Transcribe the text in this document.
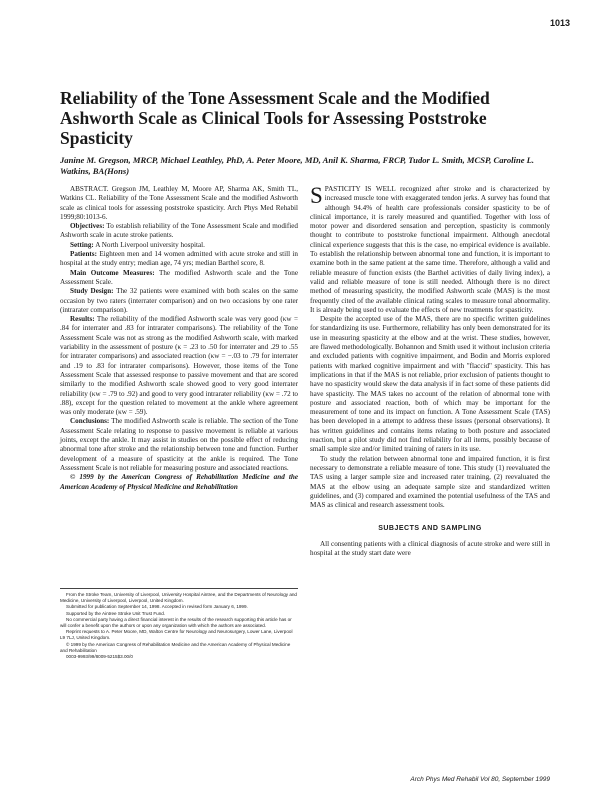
1013
Reliability of the Tone Assessment Scale and the Modified Ashworth Scale as Clinical Tools for Assessing Poststroke Spasticity
Janine M. Gregson, MRCP, Michael Leathley, PhD, A. Peter Moore, MD, Anil K. Sharma, FRCP, Tudor L. Smith, MCSP, Caroline L. Watkins, BA(Hons)

ABSTRACT. Gregson JM, Leathley M, Moore AP, Sharma AK, Smith TL, Watkins CL. Reliability of the Tone Assessment Scale and the modified Ashworth scale as clinical tools for assessing poststroke spasticity. Arch Phys Med Rehabil 1999;80:1013-6.

Objectives: To establish reliability of the Tone Assessment Scale and modified Ashworth scale in acute stroke patients.

Setting: A North Liverpool university hospital.

Patients: Eighteen men and 14 women admitted with acute stroke and still in hospital at the study entry; median age, 74 yrs; median Barthel score, 8.

Main Outcome Measures: The modified Ashworth scale and the Tone Assessment Scale.

Study Design: The 32 patients were examined with both scales on the same occasion by two raters (interrater comparison) and on two occasions by one rater (intrarater comparison).

Results: The reliability of the modified Ashworth scale was very good (κw = .84 for interrater and .83 for intrarater comparisons). The reliability of the Tone Assessment Scale was not as strong as the modified Ashworth scale, with marked variability in the assessment of posture (κ = .23 to .50 for interrater and .29 to .55 for intrarater comparisons) and associated reaction (κw = −.03 to .79 for interrater and .19 to .83 for intrarater comparisons). However, those items of the Tone Assessment Scale that assessed response to passive movement and that are scored similarly to the modified Ashworth scale showed good to very good interrater reliability (κw = .79 to .92) and good to very good intrarater reliability (κw = .72 to .88), except for the question related to movement at the ankle where agreement was only moderate (κw = .59).

Conclusions: The modified Ashworth scale is reliable. The section of the Tone Assessment Scale relating to response to passive movement is reliable at various joints, except the ankle. It may assist in studies on the possible effect of reducing abnormal tone after stroke and the relationship between tone and function. Further development of a measure of spasticity at the ankle is required. The Tone Assessment Scale is not reliable for measuring posture and associated reactions.

© 1999 by the American Congress of Rehabilitation Medicine and the American Academy of Physical Medicine and Rehabilitation

From the Stroke Team, University of Liverpool, University Hospital Aintree, and the Departments of Neurology and Medicine, University of Liverpool, Liverpool, United Kingdom.

Submitted for publication September 14, 1998. Accepted in revised form January 6, 1999.

Supported by the Aintree Stroke Unit Trust Fund.

No commercial party having a direct financial interest in the results of the research supporting this article has or will confer a benefit upon the authors or upon any organization with which the authors are associated.

Reprint requests to A. Peter Moore, MD, Walton Centre for Neurology and Neurosurgery, Lower Lane, Liverpool L9 7LJ, United Kingdom.

© 1999 by the American Congress of Rehabilitation Medicine and the American Academy of Physical Medicine and Rehabilitation

0003-9993/99/8009-5215$3.00/0

SPASTICITY IS WELL recognized after stroke and is characterized by increased muscle tone with exaggerated tendon jerks. A survey has found that although 94.4% of health care professionals consider spasticity to be of clinical importance, it is rarely measured and quantified. Together with loss of motor power and disordered sensation and perception, spasticity is commonly thought to contribute to poststroke functional impairment. Although anecdotal clinical experience suggests that this is the case, no empirical evidence is available. To establish the relationship between abnormal tone and function, it is important to examine both in the same patient at the same time. Therefore, although a valid and reliable measure of function exists (the Barthel activities of daily living index), a valid and reliable measure of tone is still needed. Although there is no direct method of measuring spasticity, the modified Ashworth scale (MAS) is the most frequently cited of the available clinical rating scales to measure tonal abnormality. It is already being used to evaluate the effects of new treatments for spasticity.

Despite the accepted use of the MAS, there are no specific written guidelines for standardizing its use. Furthermore, reliability has only been demonstrated for its use in measuring spasticity at the elbow and at the wrist. These studies, however, are flawed methodologically. Bohannon and Smith used it without inclusion criteria and excluded patients with cognitive impairment, and Bodin and Morris explored patients with marked cognitive impairment and with "flaccid" spasticity. This has implications in that if the MAS is not reliable, prior exclusion of patients thought to have no spasticity would skew the data analysis if in fact some of these patients did have spasticity. The MAS takes no account of the relation of abnormal tone with posture and associated reaction, both of which may be important for the measurement of tone and its impact on function. A Tone Assessment Scale (TAS) has been developed in a attempt to address these issues (personal observations). It has written guidelines and contains items relating to both posture and associated reaction, but a pilot study did not find reliability for all items, possibly because of small sample size and/or limited training of raters in its use.

To study the relation between abnormal tone and impaired function, it is first necessary to demonstrate a reliable measure of tone. This study (1) reevaluated the TAS using a larger sample size and increased rater training, (2) reevaluated the MAS at the elbow using an adequate sample size and standardized written guidelines, and (3) compared and examined the potential usefulness of the TAS and MAS as clinical and research assessment tools.

SUBJECTS AND SAMPLING

All consenting patients with a clinical diagnosis of acute stroke and were still in hospital at the study start date were

Arch Phys Med Rehabil Vol 80, September 1999
